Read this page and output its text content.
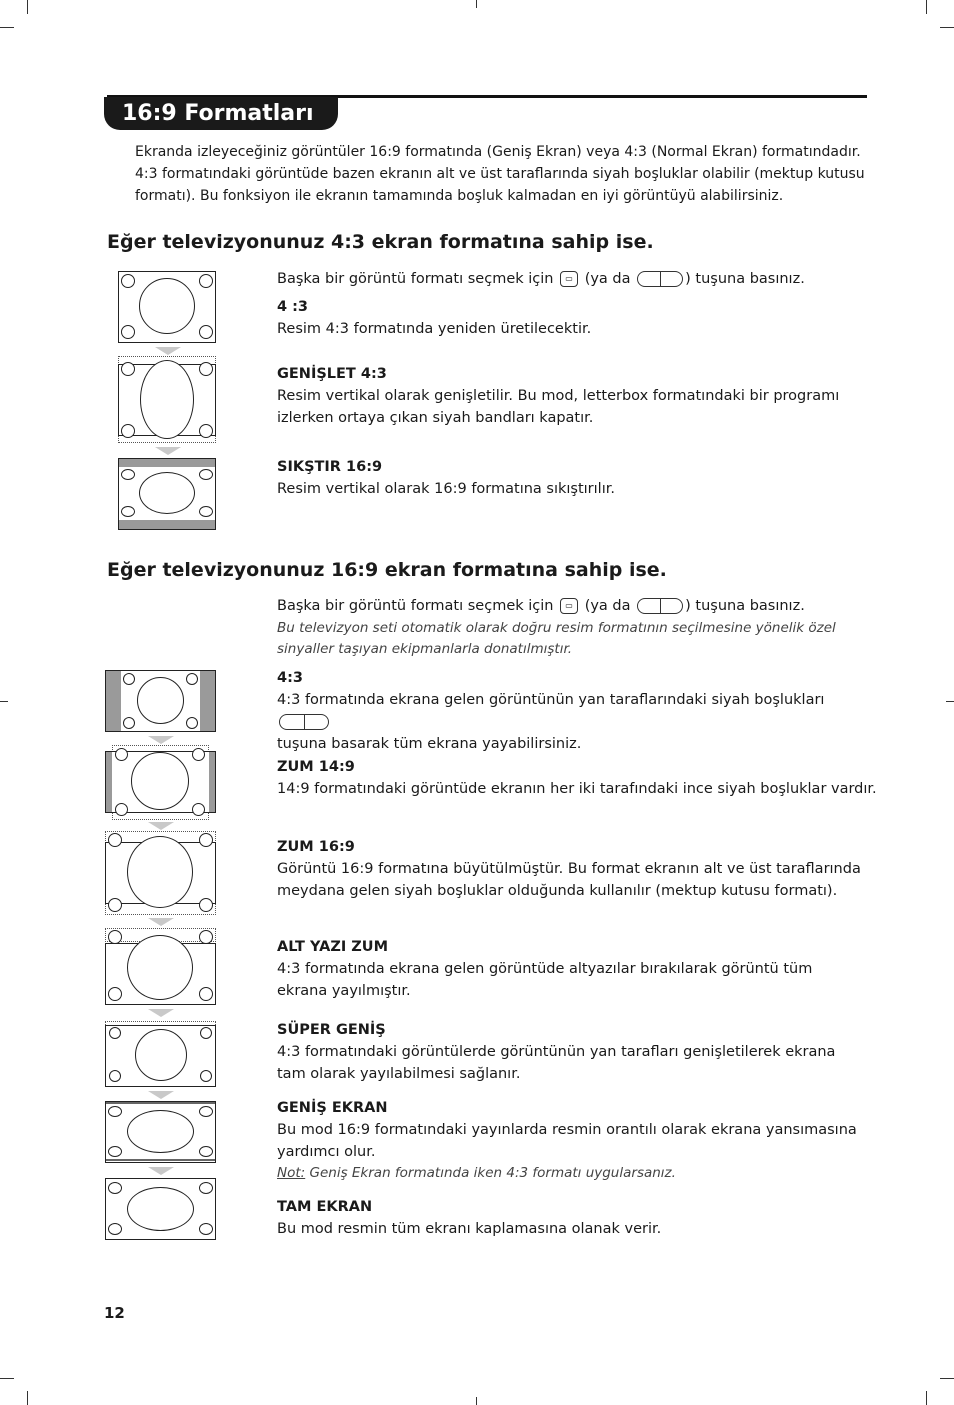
16:9 Formatları
Ekranda izleyeceğiniz görüntüler 16:9 formatında (Geniş Ekran) veya 4:3 (Normal Ekran) formatındadır. 4:3 formatındaki görüntüde bazen ekranın alt ve üst taraflarında siyah boşluklar olabilir (mektup kutusu formatı). Bu fonksiyon ile ekranın tamamında boşluk kalmadan en iyi görüntüyü alabilirsiniz.
Eğer televizyonunuz 4:3 ekran formatına sahip ise.
Başka bir görüntü formatı seçmek için ▭ (ya da	) tuşuna basınız.
4 :3
Resim 4:3 formatında yeniden üretilecektir.
GENİŞLET 4:3
Resim vertikal olarak genişletilir. Bu mod, letterbox formatındaki bir programı izlerken ortaya çıkan siyah bandları kapatır.
SIKŞTIR 16:9
Resim vertikal olarak 16:9 formatına sıkıştırılır.
Eğer televizyonunuz 16:9 ekran formatına sahip ise.
Başka bir görüntü formatı seçmek için ▭ (ya da	) tuşuna basınız.
Bu televizyon seti otomatik olarak doğru resim formatının seçilmesine yönelik özel sinyaller taşıyan ekipmanlarla donatılmıştır.
4:3
4:3 formatında ekrana gelen görüntünün yan taraflarındaki siyah boşlukları
tuşuna basarak tüm ekrana yayabilirsiniz.
ZUM 14:9
14:9 formatındaki görüntüde ekranın her iki tarafındaki ince siyah boşluklar vardır.
ZUM 16:9
Görüntü 16:9 formatına büyütülmüştür. Bu format ekranın alt ve üst taraflarında meydana gelen siyah boşluklar olduğunda kullanılır (mektup kutusu formatı).
ALT YAZI ZUM
4:3 formatında ekrana gelen görüntüde altyazılar bırakılarak görüntü tüm ekrana yayılmıştır.
SÜPER GENİŞ
4:3 formatındaki görüntülerde görüntünün yan tarafları genişletilerek ekrana tam olarak yayılabilmesi sağlanır.
GENİŞ EKRAN
Bu mod 16:9 formatındaki yayınlarda resmin orantılı olarak ekrana yansımasına yardımcı olur.
Not: Geniş Ekran formatında iken 4:3 formatı uygularsanız.
TAM EKRAN
Bu mod resmin tüm ekranı kaplamasına olanak verir.
12
